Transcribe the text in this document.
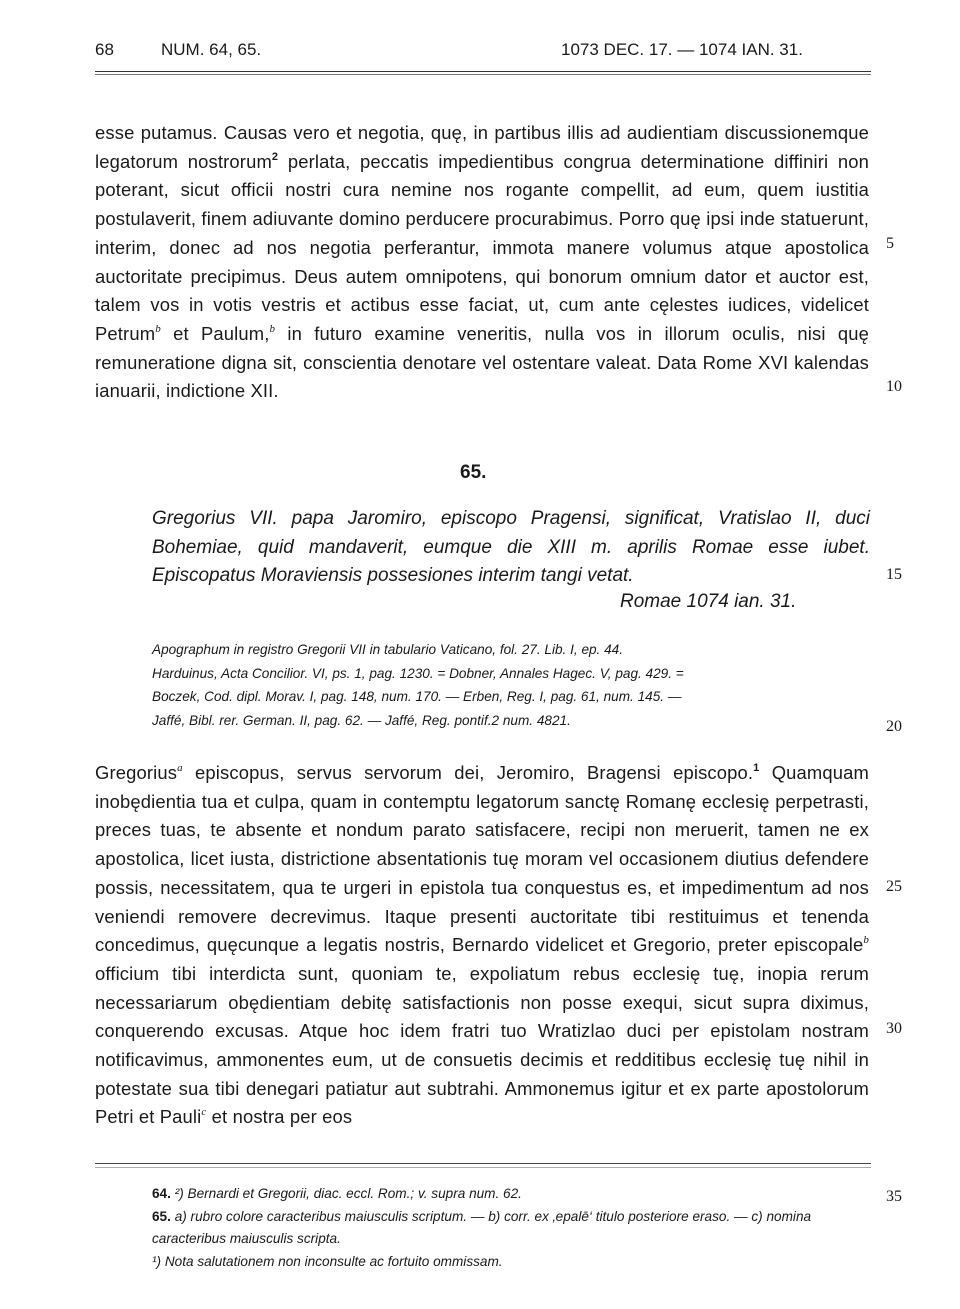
68	NUM. 64, 65.	1073 DEC. 17. — 1074 IAN. 31.
esse putamus. Causas vero et negotia, quę, in partibus illis ad audientiam discussionemque legatorum nostrorum$^2$ perlata, peccatis impedientibus congrua determinatione diffiniri non poterant, sicut officii nostri cura nemine nos rogante compellit, ad eum, quem iustitia postulaverit, finem adiuvante domino perducere procurabimus. Porro quę ipsi inde statuerunt, interim, donec ad nos negotia perferantur, immota manere volumus atque apostolica auctoritate precipimus. Deus autem omnipotens, qui bonorum omnium dator et auctor est, talem vos in votis vestris et actibus esse faciat, ut, cum ante cęlestes iudices, videlicet Petrum$^b$ et Paulum,$^b$ in futuro examine veneritis, nulla vos in illorum oculis, nisi quę remuneratione digna sit, conscientia denotare vel ostentare valeat. Data Rome XVI kalendas ianuarii, indictione XII.
65.
Gregorius VII. papa Jaromiro, episcopo Pragensi, significat, Vratislao II, duci Bohemiae, quid mandaverit, eumque die XIII m. aprilis Romae esse iubet. Episcopatus Moraviensis possesiones interim tangi vetat.
Romae 1074 ian. 31.

Apographum in registro Gregorii VII in tabulario Vaticano, fol. 27. Lib. I, ep. 44.

Harduinus, Acta Concilior. VI, ps. 1, pag. 1230. = Dobner, Annales Hagec. V, pag. 429. =

Boczek, Cod. dipl. Morav. I, pag. 148, num. 170. — Erben, Reg. I, pag. 61, num. 145. —

Jaffé, Bibl. rer. German. II, pag. 62. — Jaffé, Reg. pontif.2 num. 4821.

Gregorius$^a$ episcopus, servus servorum dei, Jeromiro, Bragensi episcopo.$^1$ Quamquam inobędientia tua et culpa, quam in contemptu legatorum sanctę Romanę ecclesię perpetrasti, preces tuas, te absente et nondum parato satisfacere, recipi non meruerit, tamen ne ex apostolica, licet iusta, districtione absentationis tuę moram vel occasionem diutius defendere possis, necessitatem, qua te urgeri in epistola tua conquestus es, et impedimentum ad nos veniendi removere decrevimus. Itaque presenti auctoritate tibi restituimus et tenenda concedimus, quęcunque a legatis nostris, Bernardo videlicet et Gregorio, preter episcopale$^b$ officium tibi interdicta sunt, quoniam te, expoliatum rebus ecclesię tuę, inopia rerum necessariarum obędientiam debitę satisfactionis non posse exequi, sicut supra diximus, conquerendo excusas. Atque hoc idem fratri tuo Wratizlao duci per epistolam nostram notificavimus, ammonentes eum, ut de consuetis decimis et redditibus ecclesię tuę nihil in potestate sua tibi denegari patiatur aut subtrahi. Ammonemus igitur et ex parte apostolorum Petri et Pauli$^c$ et nostra per eos

64. ²) Bernardi et Gregorii, diac. eccl. Rom.; v. supra num. 62.

65. a) rubro colore caracteribus maiusculis scriptum. — b) corr. ex ‚epalē‘ titulo posteriore eraso. — c) nomina caracteribus maiusculis scripta.

¹) Nota salutationem non inconsulte ac fortuito ommissam.

5
10
15
20
25
30
35
